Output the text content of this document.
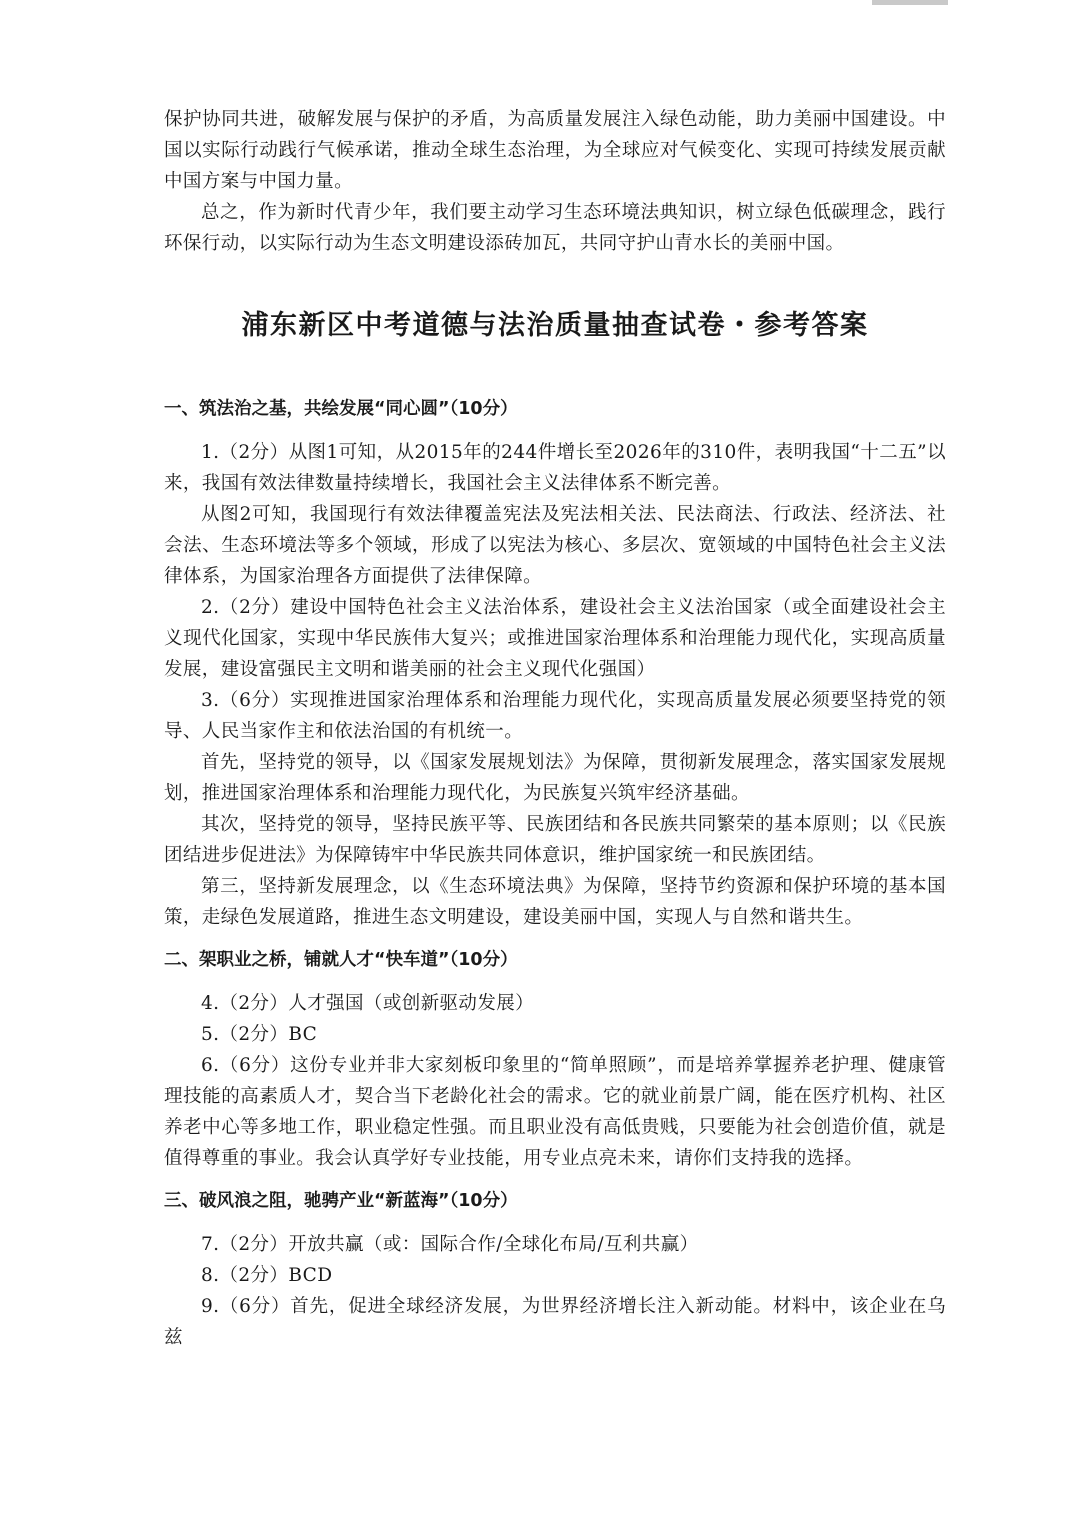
保护协同共进，破解发展与保护的矛盾，为高质量发展注入绿色动能，助力美丽中国建设。中国以实际行动践行气候承诺，推动全球生态治理，为全球应对气候变化、实现可持续发展贡献中国方案与中国力量。

总之，作为新时代青少年，我们要主动学习生态环境法典知识，树立绿色低碳理念，践行环保行动，以实际行动为生态文明建设添砖加瓦，共同守护山青水长的美丽中国。

浦东新区中考道德与法治质量抽查试卷・参考答案
一、筑法治之基，共绘发展“同心圆”（10分）

1.（2分）从图1可知，从2015年的244件增长至2026年的310件，表明我国“十二五”以来，我国有效法律数量持续增长，我国社会主义法律体系不断完善。

从图2可知，我国现行有效法律覆盖宪法及宪法相关法、民法商法、行政法、经济法、社会法、生态环境法等多个领域，形成了以宪法为核心、多层次、宽领域的中国特色社会主义法律体系，为国家治理各方面提供了法律保障。

2.（2分）建设中国特色社会主义法治体系，建设社会主义法治国家（或全面建设社会主义现代化国家，实现中华民族伟大复兴；或推进国家治理体系和治理能力现代化，实现高质量发展，建设富强民主文明和谐美丽的社会主义现代化强国）

3.（6分）实现推进国家治理体系和治理能力现代化，实现高质量发展必须要坚持党的领导、人民当家作主和依法治国的有机统一。

首先，坚持党的领导，以《国家发展规划法》为保障，贯彻新发展理念，落实国家发展规划，推进国家治理体系和治理能力现代化，为民族复兴筑牢经济基础。

其次，坚持党的领导，坚持民族平等、民族团结和各民族共同繁荣的基本原则；以《民族团结进步促进法》为保障铸牢中华民族共同体意识，维护国家统一和民族团结。

第三，坚持新发展理念，以《生态环境法典》为保障，坚持节约资源和保护环境的基本国策，走绿色发展道路，推进生态文明建设，建设美丽中国，实现人与自然和谐共生。

二、架职业之桥，铺就人才“快车道”（10分）

4.（2分）人才强国（或创新驱动发展）

5.（2分）BC

6.（6分）这份专业并非大家刻板印象里的“简单照顾”，而是培养掌握养老护理、健康管理技能的高素质人才，契合当下老龄化社会的需求。它的就业前景广阔，能在医疗机构、社区养老中心等多地工作，职业稳定性强。而且职业没有高低贵贱，只要能为社会创造价值，就是值得尊重的事业。我会认真学好专业技能，用专业点亮未来，请你们支持我的选择。

三、破风浪之阻，驰骋产业“新蓝海”（10分）

7.（2分）开放共赢（或：国际合作/全球化布局/互利共赢）

8.（2分）BCD

9.（6分）首先，促进全球经济发展，为世界经济增长注入新动能。材料中，该企业在乌兹
